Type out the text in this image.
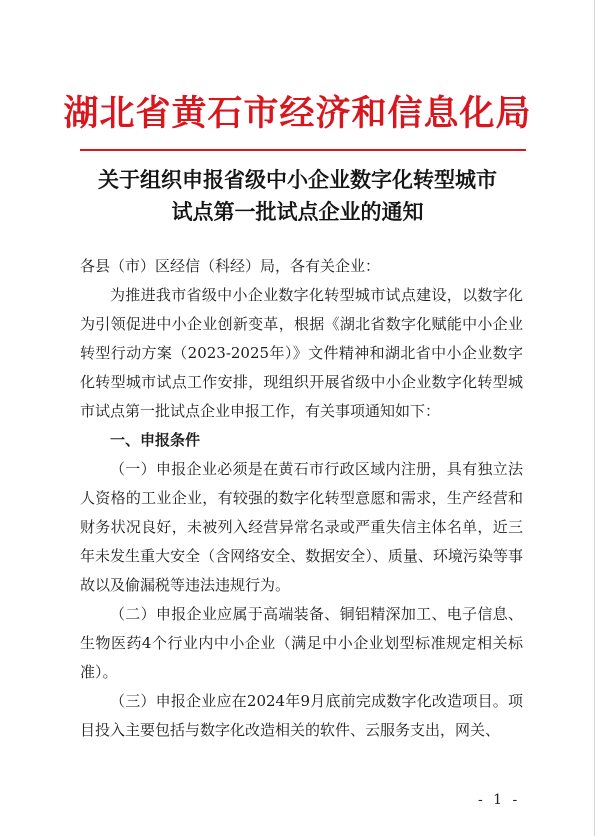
湖北省黄石市经济和信息化局
关于组织申报省级中小企业数字化转型城市
试点第一批试点企业的通知

各县（市）区经信（科经）局，各有关企业：

为推进我市省级中小企业数字化转型城市试点建设，以数字化为引领促进中小企业创新变革，根据《湖北省数字化赋能中小企业转型行动方案（2023-2025年）》文件精神和湖北省中小企业数字化转型城市试点工作安排，现组织开展省级中小企业数字化转型城市试点第一批试点企业申报工作，有关事项通知如下：

一、申报条件

（一）申报企业必须是在黄石市行政区域内注册，具有独立法人资格的工业企业，有较强的数字化转型意愿和需求，生产经营和财务状况良好，未被列入经营异常名录或严重失信主体名单，近三年未发生重大安全（含网络安全、数据安全）、质量、环境污染等事故以及偷漏税等违法违规行为。

（二）申报企业应属于高端装备、铜铝精深加工、电子信息、生物医药4个行业内中小企业（满足中小企业划型标准规定相关标准）。

（三）申报企业应在2024年9月底前完成数字化改造项目。项目投入主要包括与数字化改造相关的软件、云服务支出，网关、

- 1 -
